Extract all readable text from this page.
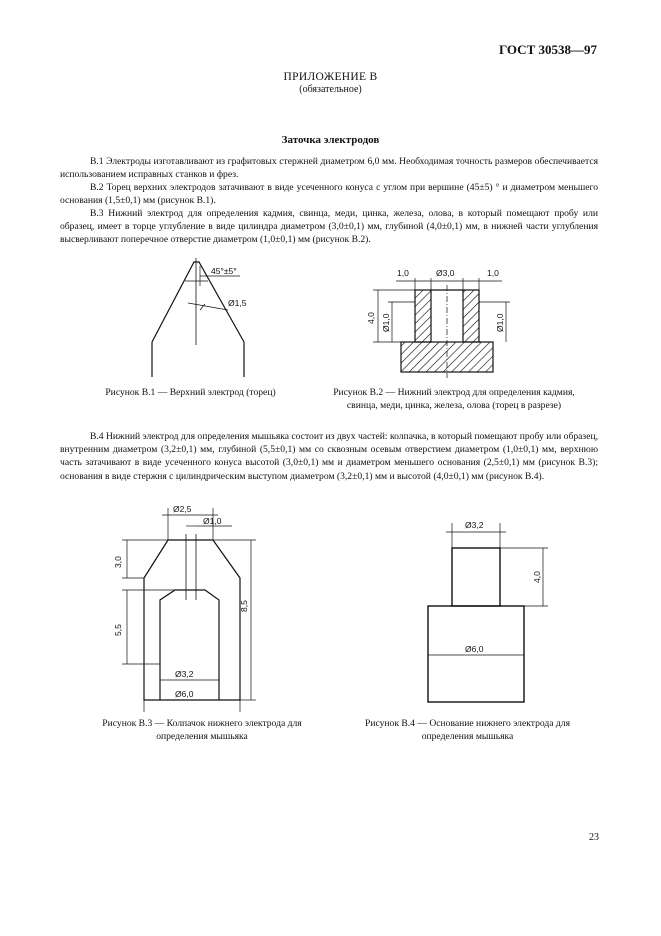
ГОСТ 30538—97
ПРИЛОЖЕНИЕ В
(обязательное)
Заточка электродов

В.1 Электроды изготавливают из графитовых стержней диаметром 6,0 мм. Необходимая точность размеров обеспечивается использованием исправных станков и фрез.

В.2 Торец верхних электродов затачивают в виде усеченного конуса с углом при вершине (45±5) ° и диаметром меньшего основания (1,5±0,1) мм (рисунок В.1).

В.3 Нижний электрод для определения кадмия, свинца, меди, цинка, железа, олова, в который помещают пробу или образец, имеет в торце углубление в виде цилиндра диаметром (3,0±0,1) мм, глубиной (4,0±0,1) мм, в нижней части углубления высверливают поперечное отверстие диаметром (1,0±0,1) мм (рисунок В.2).

В.4 Нижний электрод для определения мышьяка состоит из двух частей: колпачка, в который помещают пробу или образец, внутренним диаметром (3,2±0,1) мм, глубиной (5,5±0,1) мм со сквозным осевым отверстием диаметром (1,0±0,1) мм, верхнюю часть затачивают в виде усеченного конуса высотой (3,0±0,1) мм и диаметром меньшего основания (2,5±0,1) мм (рисунок В.3); основания в виде стержня с цилиндрическим выступом диаметром (3,2±0,1) мм и высотой (4,0±0,1) мм (рисунок В.4).

45°±5°
Ø1,5
Рисунок В.1 — Верхний электрод (торец)
1,0	Ø3,0	1,0
4,0 Ø1,0	Ø1,0
Рисунок В.2 — Нижний электрод для определения кадмия,
свинца, меди, цинка, железа, олова (торец в разрезе)
Ø2,5
Ø1,0
3,0
5,5
8,5
Ø3,2
Ø6,0
Рисунок В.3 — Колпачок нижнего электрода для
определения мышьяка
Ø3,2
4,0
Ø6,0
Рисунок В.4 — Основание нижнего электрода для
определения мышьяка
23
